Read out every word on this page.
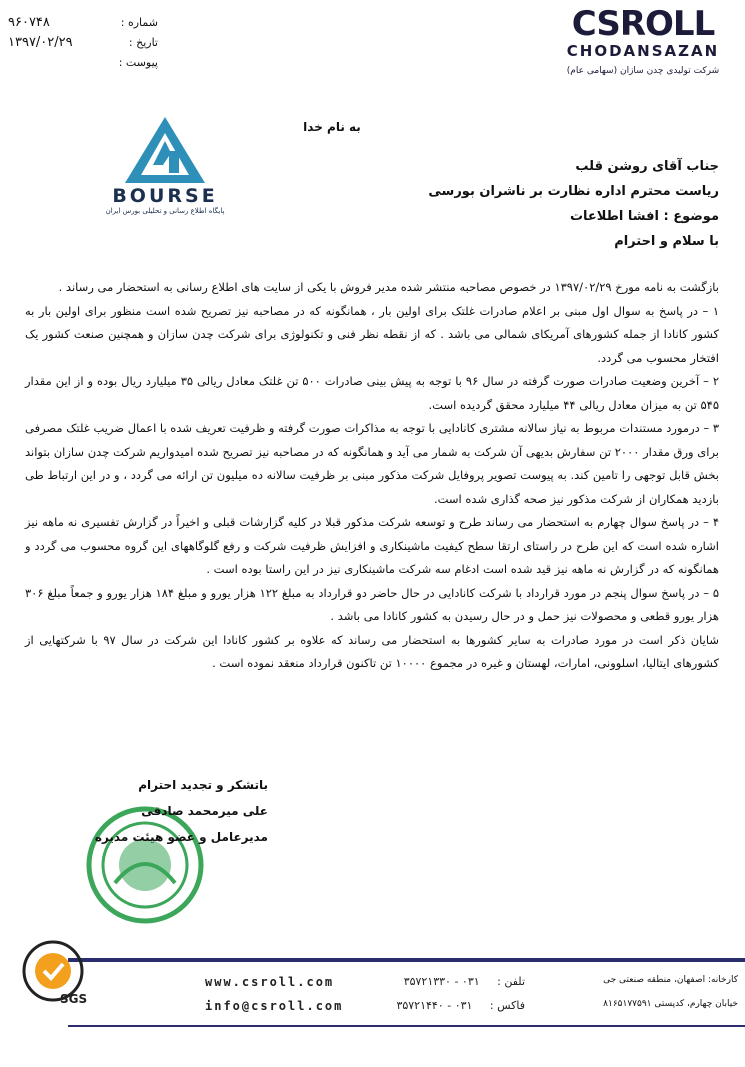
۹۶۰۷۴۸	شماره :
۱۳۹۷/۰۲/۲۹	تاریخ :
پیوست :
CSROLL
CHODANSAZAN
شرکت تولیدی چدن سازان (سهامی عام)
BOURSE
پایگاه اطلاع رسانی و تحلیلی بورس ایران
به نام خدا
جناب آقای روشن قلب
ریاست محترم اداره نظارت بر ناشران بورسی
موضوع : افشا اطلاعات
با سلام و احترام

بازگشت به نامه مورخ ۱۳۹۷/۰۲/۲۹ در خصوص مصاحبه منتشر شده مدیر فروش با یکی از سایت های اطلاع رسانی به استحضار می رساند .

۱ – در پاسخ به سوال اول مبنی بر اعلام صادرات غلتک برای اولین بار ، همانگونه که در مصاحبه نیز تصریح شده است منظور برای اولین بار به کشور کانادا از جمله کشورهای آمریکای شمالی می باشد . که از نقطه نظر فنی و تکنولوژی برای شرکت چدن سازان و همچنین صنعت کشور یک افتخار محسوب می گردد.

۲ – آخرین وضعیت صادرات صورت گرفته در سال ۹۶ با توجه به پیش بینی صادرات ۵۰۰ تن غلتک معادل ریالی ۳۵ میلیارد ریال بوده و از این مقدار ۵۴۵ تن به میزان معادل ریالی ۴۴ میلیارد محقق گردیده است.

۳ – درمورد مستندات مربوط به نیاز سالانه مشتری کانادایی با توجه به مذاکرات صورت گرفته و ظرفیت تعریف شده با اعمال ضریب غلتک مصرفی برای ورق مقدار ۲۰۰۰ تن سفارش بدیهی آن شرکت به شمار می آید و همانگونه که در مصاحبه نیز تصریح شده امیدواریم شرکت چدن سازان بتواند بخش قابل توجهی را تامین کند. به پیوست تصویر پروفایل شرکت مذکور مبنی بر ظرفیت سالانه ده میلیون تن ارائه می گردد ، و در این ارتباط طی بازدید همکاران از شرکت مذکور نیز صحه گذاری شده است.

۴ – در پاسخ سوال چهارم به استحضار می رساند طرح و توسعه شرکت مذکور قبلا در کلیه گزارشات قبلی و اخیراً در گزارش تفسیری نه ماهه نیز اشاره شده است که این طرح در راستای ارتقا سطح کیفیت ماشینکاری و افزایش ظرفیت شرکت و رفع گلوگاههای این گروه محسوب می گردد و همانگونه که در گزارش نه ماهه نیز قید شده است ادغام سه شرکت ماشینکاری نیز در این راستا بوده است .

۵ – در پاسخ سوال پنجم در مورد قرارداد با شرکت کانادایی در حال حاضر دو قرارداد به مبلغ ۱۲۲ هزار یورو و مبلغ ۱۸۴ هزار یورو و جمعاً مبلغ ۳۰۶ هزار یورو قطعی و محصولات نیز حمل و در حال رسیدن به کشور کانادا می باشد .

شایان ذکر است در مورد صادرات به سایر کشورها به استحضار می رساند که علاوه بر کشور کانادا این شرکت در سال ۹۷ با شرکتهایی از کشورهای ایتالیا، اسلوونی، امارات، لهستان و غیره در مجموع ۱۰۰۰۰ تن تاکنون قرارداد منعقد نموده است .

باتشکر و تجدید احترام
علی میرمحمد صادقی
مدیرعامل و عضو هیئت مدیره
www.csroll.com
info@csroll.com
تلفن : ۰۳۱ - ۳۵۷۲۱۳۳۰
فاکس : ۰۳۱ - ۳۵۷۲۱۴۴۰
کارخانه: اصفهان، منطقه صنعتی جی
خیابان چهارم، کدپستی ۸۱۶۵۱۷۷۵۹۱
SGS
